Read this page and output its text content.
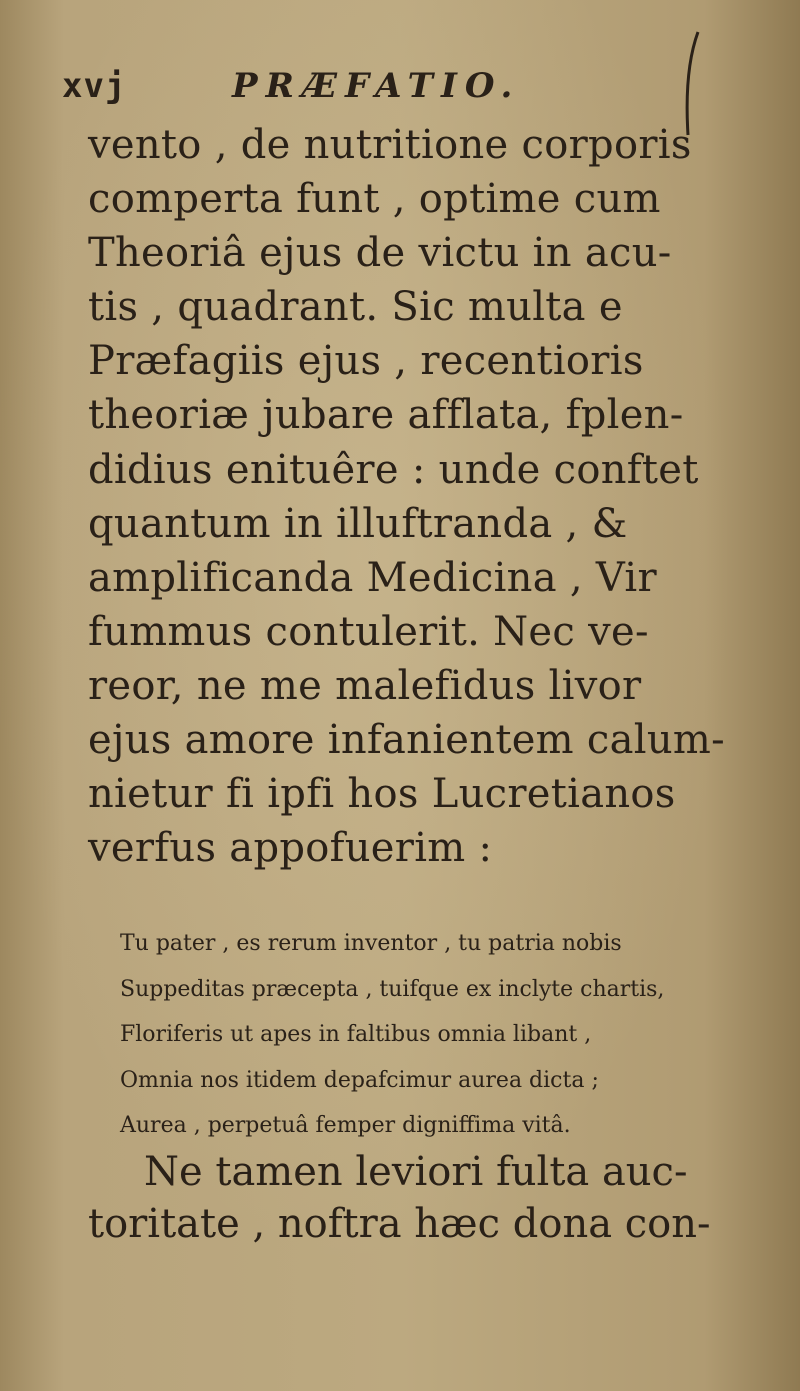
xvj	PRÆFATIO.
vento , de nutritione corporis
comperta funt , optime cum
Theoriâ ejus de victu in acu-
tis , quadrant. Sic multa e
Præfagiis ejus , recentioris
theoriæ jubare afflata, fplen-
didius enituêre : unde conftet
quantum in illuftranda , &
amplificanda Medicina , Vir
fummus contulerit. Nec ve-
reor, ne me malefidus livor
ejus amore infanientem calum-
nietur fi ipfi hos Lucretianos
verfus appofuerim :
Tu pater , es rerum inventor , tu patria nobis
Suppeditas præcepta , tuifque ex inclyte chartis,
Floriferis ut apes in faltibus omnia libant ,
Omnia nos itidem depafcimur aurea dicta ;
Aurea , perpetuâ femper digniffima vitâ.
Ne tamen leviori fulta auc-
toritate , noftra hæc dona con-
